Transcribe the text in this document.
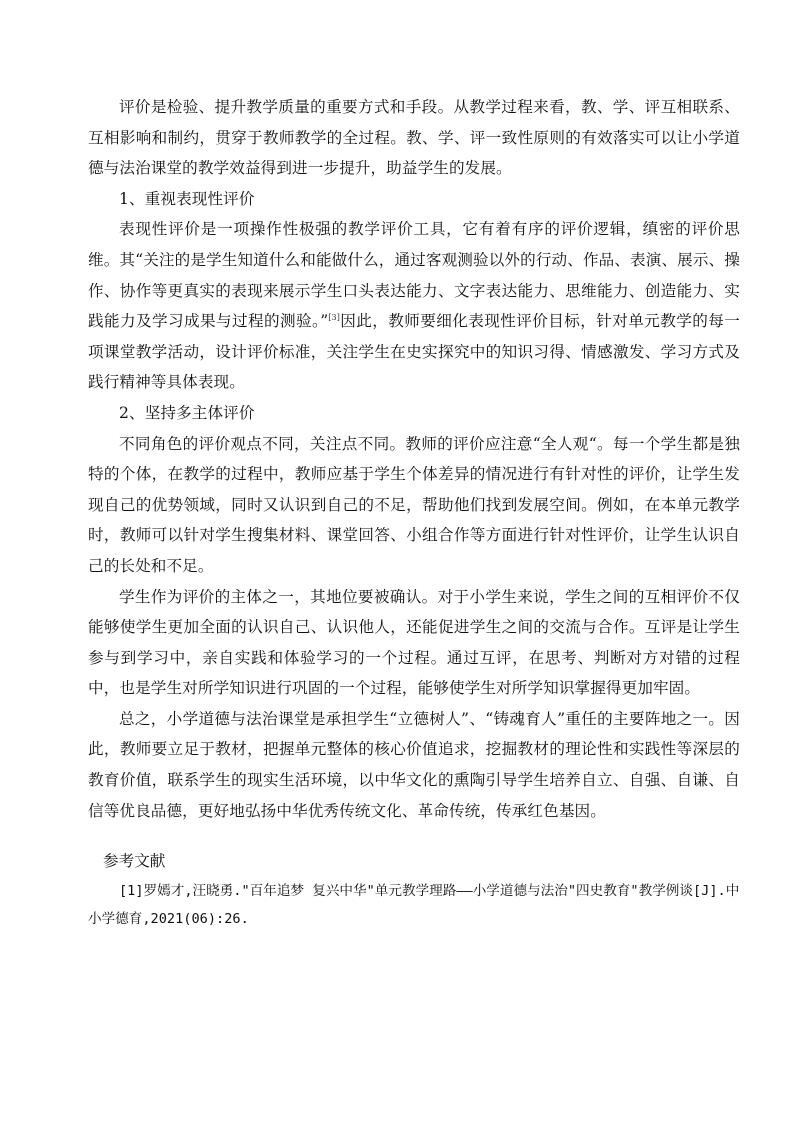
评价是检验、提升教学质量的重要方式和手段。从教学过程来看，教、学、评互相联系、互相影响和制约，贯穿于教师教学的全过程。教、学、评一致性原则的有效落实可以让小学道德与法治课堂的教学效益得到进一步提升，助益学生的发展。

1、重视表现性评价

表现性评价是一项操作性极强的教学评价工具，它有着有序的评价逻辑，缜密的评价思维。其“关注的是学生知道什么和能做什么，通过客观测验以外的行动、作品、表演、展示、操作、协作等更真实的表现来展示学生口头表达能力、文字表达能力、思维能力、创造能力、实践能力及学习成果与过程的测验。”[3]因此，教师要细化表现性评价目标，针对单元教学的每一项课堂教学活动，设计评价标准，关注学生在史实探究中的知识习得、情感激发、学习方式及践行精神等具体表现。

2、坚持多主体评价

不同角色的评价观点不同，关注点不同。教师的评价应注意“全人观“。每一个学生都是独特的个体，在教学的过程中，教师应基于学生个体差异的情况进行有针对性的评价，让学生发现自己的优势领域，同时又认识到自己的不足，帮助他们找到发展空间。例如，在本单元教学时，教师可以针对学生搜集材料、课堂回答、小组合作等方面进行针对性评价，让学生认识自己的长处和不足。

学生作为评价的主体之一，其地位要被确认。对于小学生来说，学生之间的互相评价不仅能够使学生更加全面的认识自己、认识他人，还能促进学生之间的交流与合作。互评是让学生参与到学习中，亲自实践和体验学习的一个过程。通过互评，在思考、判断对方对错的过程中，也是学生对所学知识进行巩固的一个过程，能够使学生对所学知识掌握得更加牢固。

总之，小学道德与法治课堂是承担学生“立德树人”、“铸魂育人”重任的主要阵地之一。因此，教师要立足于教材，把握单元整体的核心价值追求，挖掘教材的理论性和实践性等深层的教育价值，联系学生的现实生活环境，以中华文化的熏陶引导学生培养自立、自强、自谦、自信等优良品德，更好地弘扬中华优秀传统文化、革命传统，传承红色基因。

参考文献

[1]罗嫣才,汪晓勇."百年追梦 复兴中华"单元教学理路——小学道德与法治"四史教育"教学例谈[J].中小学德育,2021(06):26.
